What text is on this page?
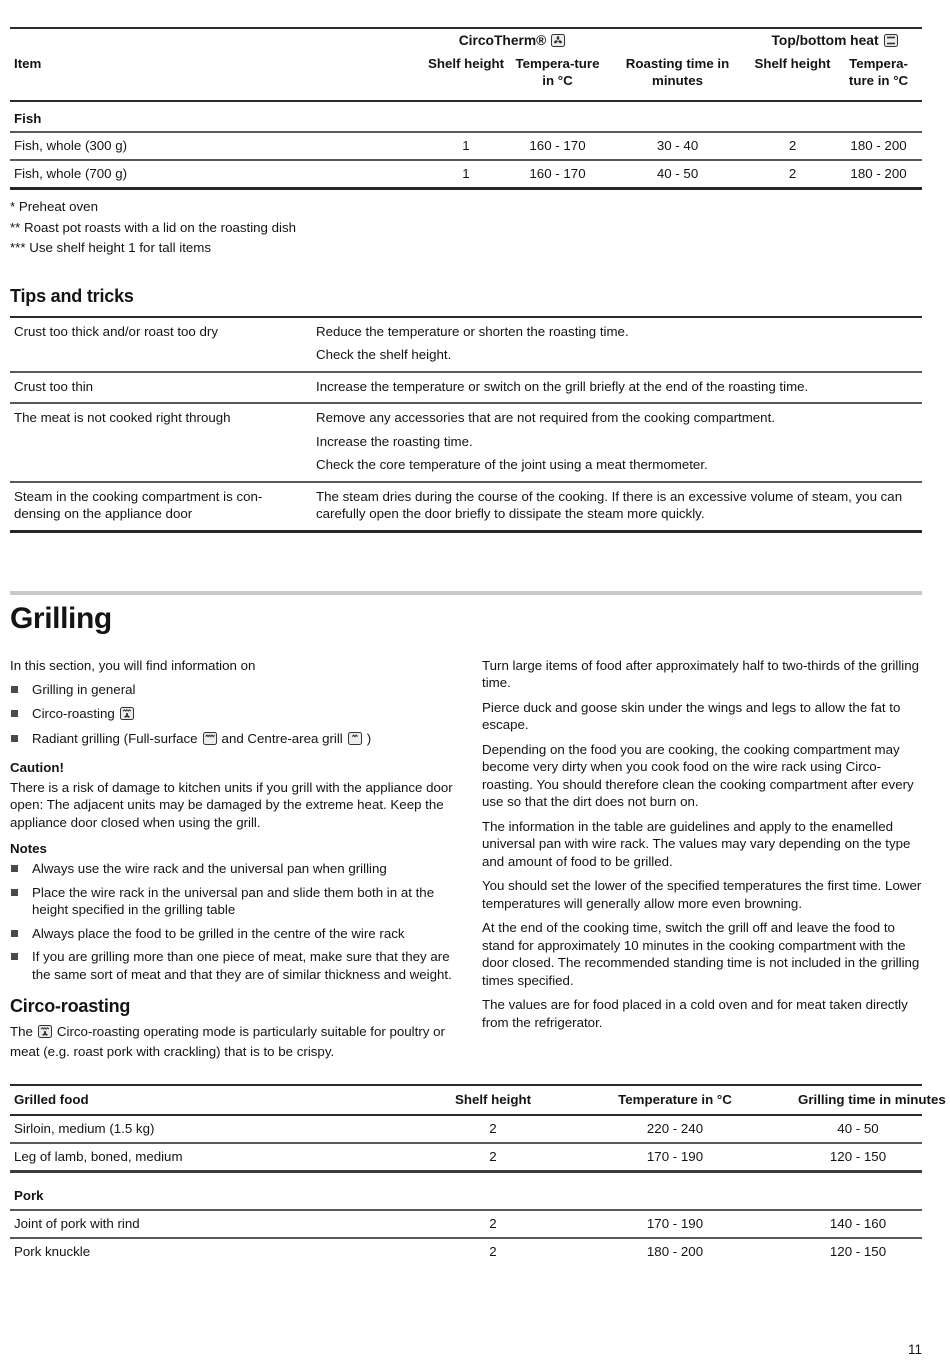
	CircoTherm®			Top/bottom heat	
Item	Shelf height	Tempera-ture in °C	Roasting time in minutes	Shelf height	Tempera-ture in °C
Fish					
Fish, whole (300 g)	1	160 - 170	30 - 40	2	180 - 200
Fish, whole (700 g)	1	160 - 170	40 - 50	2	180 - 200

* Preheat oven

** Roast pot roasts with a lid on the roasting dish

*** Use shelf height 1 for tall items

Tips and tricks
Crust too thick and/or roast too dry	Reduce the temperature or shorten the roasting time.

Check the shelf height.

Crust too thin	Increase the temperature or switch on the grill briefly at the end of the roasting time.

The meat is not cooked right through	Remove any accessories that are not required from the cooking compartment.

Increase the roasting time.

Check the core temperature of the joint using a meat thermometer.

Steam in the cooking compartment is con-densing on the appliance door	The steam dries during the course of the cooking. If there is an excessive volume of steam, you can carefully open the door briefly to dissipate the steam more quickly.

Grilling

In this section, you will find information on

Grilling in general
Circo-roasting
Radiant grilling (Full-surface and Centre-area grill )

Caution!

There is a risk of damage to kitchen units if you grill with the appliance door open: The adjacent units may be damaged by the extreme heat. Keep the appliance door closed when using the grill.

Notes

Always use the wire rack and the universal pan when grilling
Place the wire rack in the universal pan and slide them both in at the height specified in the grilling table
Always place the food to be grilled in the centre of the wire rack
If you are grilling more than one piece of meat, make sure that they are the same sort of meat and that they are of similar thickness and weight.
Circo-roasting

The Circo-roasting operating mode is particularly suitable for poultry or meat (e.g. roast pork with crackling) that is to be crispy.

Turn large items of food after approximately half to two-thirds of the grilling time.

Pierce duck and goose skin under the wings and legs to allow the fat to escape.

Depending on the food you are cooking, the cooking compartment may become very dirty when you cook food on the wire rack using Circo-roasting. You should therefore clean the cooking compartment after every use so that the dirt does not burn on.

The information in the table are guidelines and apply to the enamelled universal pan with wire rack. The values may vary depending on the type and amount of food to be grilled.

You should set the lower of the specified temperatures the first time. Lower temperatures will generally allow more even browning.

At the end of the cooking time, switch the grill off and leave the food to stand for approximately 10 minutes in the cooking compartment with the door closed. The recommended standing time is not included in the grilling times specified.

The values are for food placed in a cold oven and for meat taken directly from the refrigerator.

Grilled food	Shelf height	Temperature in °C	Grilling time in minutes
Sirloin, medium (1.5 kg)	2	220 - 240	40 - 50
Leg of lamb, boned, medium	2	170 - 190	120 - 150
Pork			
Joint of pork with rind	2	170 - 190	140 - 160
Pork knuckle	2	180 - 200	120 - 150
11
